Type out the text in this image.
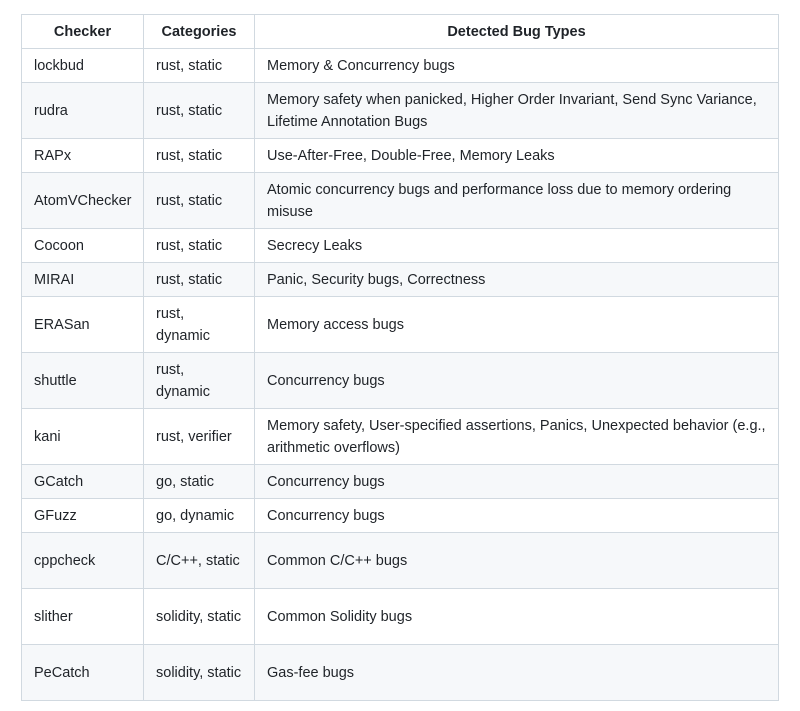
Checker	Categories	Detected Bug Types
lockbud	rust, static	Memory & Concurrency bugs
rudra	rust, static	Memory safety when panicked, Higher Order Invariant, Send Sync Variance, Lifetime Annotation Bugs
RAPx	rust, static	Use-After-Free, Double-Free, Memory Leaks
AtomVChecker	rust, static	Atomic concurrency bugs and performance loss due to memory ordering misuse
Cocoon	rust, static	Secrecy Leaks
MIRAI	rust, static	Panic, Security bugs, Correctness
ERASan	rust, dynamic	Memory access bugs
shuttle	rust, dynamic	Concurrency bugs
kani	rust, verifier	Memory safety, User-specified assertions, Panics, Unexpected behavior (e.g., arithmetic overflows)
GCatch	go, static	Concurrency bugs
GFuzz	go, dynamic	Concurrency bugs
cppcheck	C/C++, static	Common C/C++ bugs
slither	solidity, static	Common Solidity bugs
PeCatch	solidity, static	Gas-fee bugs
